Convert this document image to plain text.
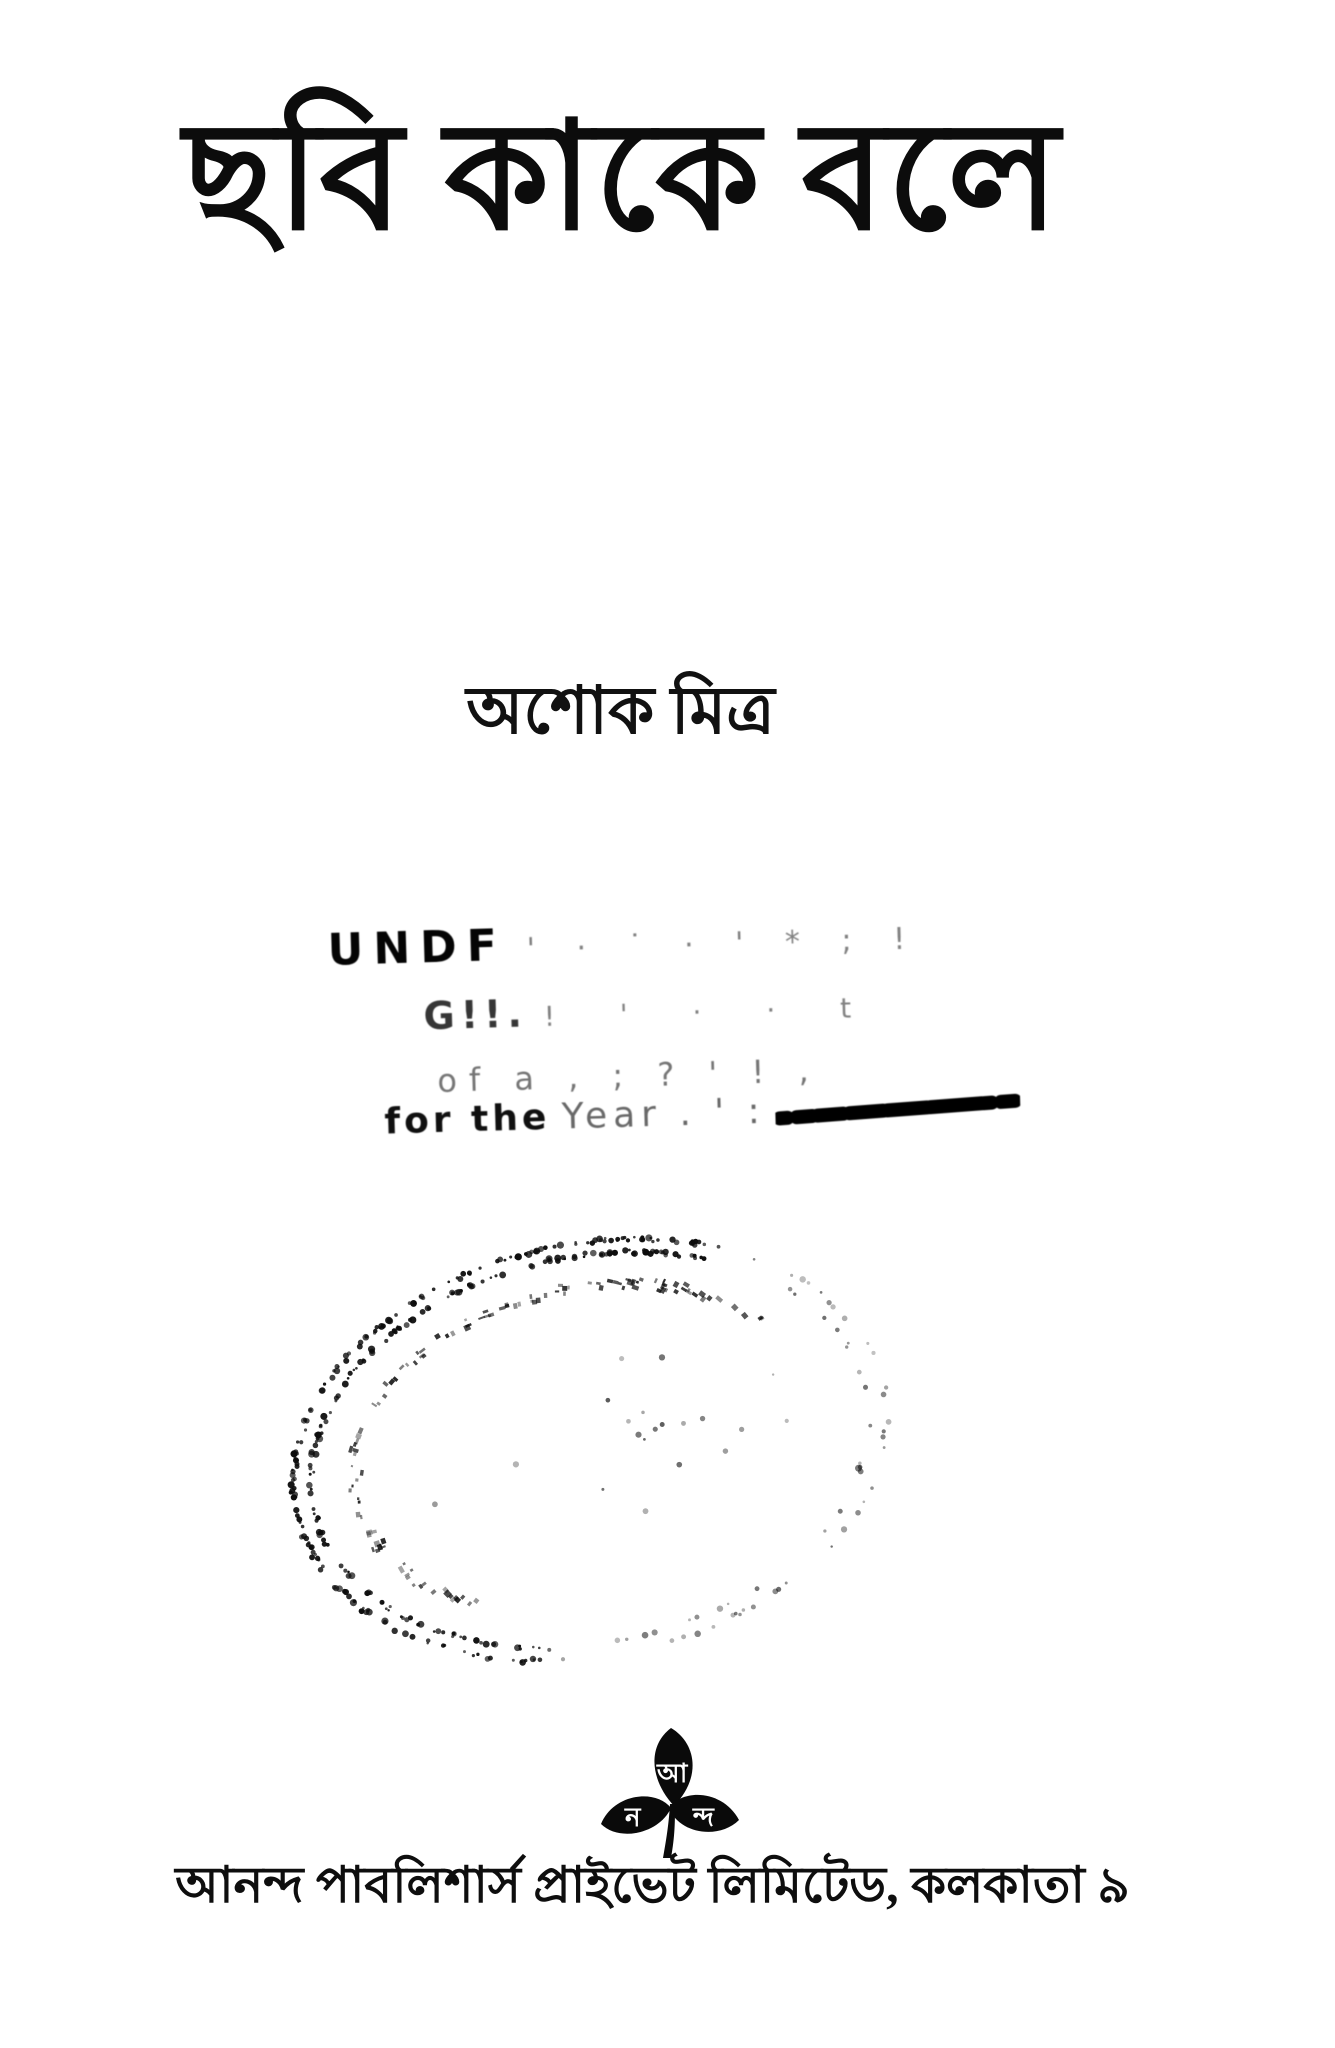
ছবি কাকে বলে
অশোক মিত্র
UNDF ' · ˙ · ' * ; !
G!!. ! ' · · t
of a , ; ? ' ! ,
for the Year . ' :
আ
ন ন্দ
আনন্দ পাবলিশার্স প্রাইভেট লিমিটেড, কলকাতা ৯
